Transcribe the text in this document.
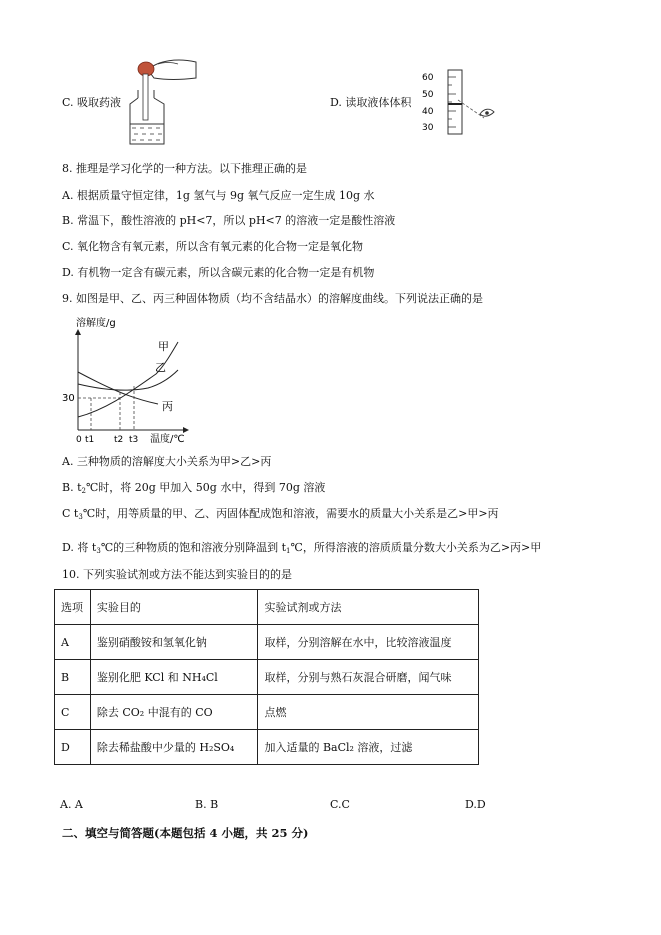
C. 吸取药液	D. 读取液体体积
60
50
40
30
8. 推理是学习化学的一种方法。以下推理正确的是
A. 根据质量守恒定律，1g 氢气与 9g 氧气反应一定生成 10g 水
B. 常温下，酸性溶液的 pH<7，所以 pH<7 的溶液一定是酸性溶液
C. 氧化物含有氧元素，所以含有氧元素的化合物一定是氧化物
D. 有机物一定含有碳元素，所以含碳元素的化合物一定是有机物
9. 如图是甲、乙、丙三种固体物质（均不含结晶水）的溶解度曲线。下列说法正确的是
溶解度/g
30
0 t1 t2 t3 温度/℃
甲
乙
丙
A. 三种物质的溶解度大小关系为甲>乙>丙
B. $t_2℃$时，将 20g 甲加入 50g 水中，得到 70g 溶液
C $t_3℃$时，用等质量的甲、乙、丙固体配成饱和溶液，需要水的质量大小关系是乙>甲>丙
D. 将 $t_3℃$的三种物质的饱和溶液分别降温到 $t_1℃$，所得溶液的溶质质量分数大小关系为乙>丙>甲
10. 下列实验试剂或方法不能达到实验目的的是
选项	实验目的	实验试剂或方法
A	鉴别硝酸铵和氢氧化钠	取样，分别溶解在水中，比较溶液温度
B	鉴别化肥 KCl 和 NH₄Cl	取样，分别与熟石灰混合研磨，闻气味
C	除去 CO₂ 中混有的 CO	点燃
D	除去稀盐酸中少量的 H₂SO₄	加入适量的 BaCl₂ 溶液，过滤
A. A	B. B	C.C	D.D
二、填空与简答题(本题包括 4 小题，共 25 分)
